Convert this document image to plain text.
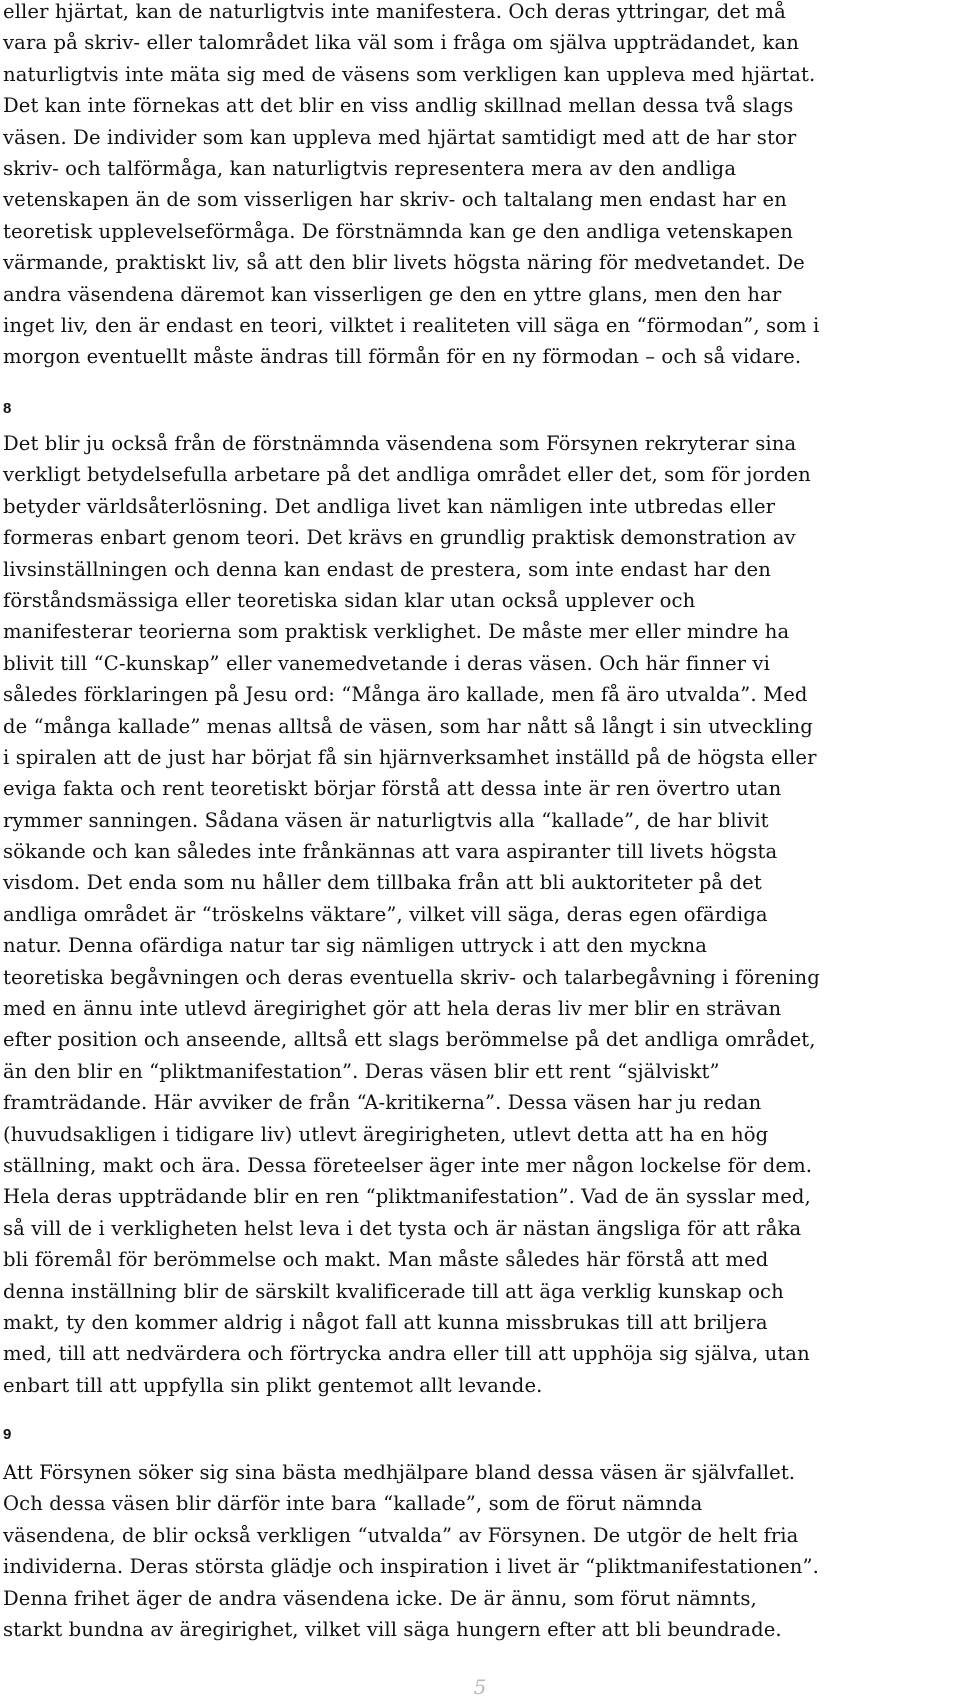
eller hjärtat, kan de naturligtvis inte manifestera. Och deras yttringar, det må
vara på skriv- eller talområdet lika väl som i fråga om själva uppträdandet, kan
naturligtvis inte mäta sig med de väsens som verkligen kan uppleva med hjärtat.
Det kan inte förnekas att det blir en viss andlig skillnad mellan dessa två slags
väsen. De individer som kan uppleva med hjärtat samtidigt med att de har stor
skriv- och talförmåga, kan naturligtvis representera mera av den andliga
vetenskapen än de som visserligen har skriv- och taltalang men endast har en
teoretisk upplevelseförmåga. De förstnämnda kan ge den andliga vetenskapen
värmande, praktiskt liv, så att den blir livets högsta näring för medvetandet. De
andra väsendena däremot kan visserligen ge den en yttre glans, men den har
inget liv, den är endast en teori, vilktet i realiteten vill säga en “förmodan”, som i
morgon eventuellt måste ändras till förmån för en ny förmodan – och så vidare.
8
Det blir ju också från de förstnämnda väsendena som Försynen rekryterar sina
verkligt betydelsefulla arbetare på det andliga området eller det, som för jorden
betyder världsåterlösning. Det andliga livet kan nämligen inte utbredas eller
formeras enbart genom teori. Det krävs en grundlig praktisk demonstration av
livsinställningen och denna kan endast de prestera, som inte endast har den
förståndsmässiga eller teoretiska sidan klar utan också upplever och
manifesterar teorierna som praktisk verklighet. De måste mer eller mindre ha
blivit till “C-kunskap” eller vanemedvetande i deras väsen. Och här finner vi
således förklaringen på Jesu ord: “Många äro kallade, men få äro utvalda”. Med
de “många kallade” menas alltså de väsen, som har nått så långt i sin utveckling
i spiralen att de just har börjat få sin hjärnverksamhet inställd på de högsta eller
eviga fakta och rent teoretiskt börjar förstå att dessa inte är ren övertro utan
rymmer sanningen. Sådana väsen är naturligtvis alla “kallade”, de har blivit
sökande och kan således inte frånkännas att vara aspiranter till livets högsta
visdom. Det enda som nu håller dem tillbaka från att bli auktoriteter på det
andliga området är “tröskelns väktare”, vilket vill säga, deras egen ofärdiga
natur. Denna ofärdiga natur tar sig nämligen uttryck i att den myckna
teoretiska begåvningen och deras eventuella skriv- och talarbegåvning i förening
med en ännu inte utlevd äregirighet gör att hela deras liv mer blir en strävan
efter position och anseende, alltså ett slags berömmelse på det andliga området,
än den blir en “pliktmanifestation”. Deras väsen blir ett rent “själviskt”
framträdande. Här avviker de från “A-kritikerna”. Dessa väsen har ju redan
(huvudsakligen i tidigare liv) utlevt äregirigheten, utlevt detta att ha en hög
ställning, makt och ära. Dessa företeelser äger inte mer någon lockelse för dem.
Hela deras uppträdande blir en ren “pliktmanifestation”. Vad de än sysslar med,
så vill de i verkligheten helst leva i det tysta och är nästan ängsliga för att råka
bli föremål för berömmelse och makt. Man måste således här förstå att med
denna inställning blir de särskilt kvalificerade till att äga verklig kunskap och
makt, ty den kommer aldrig i något fall att kunna missbrukas till att briljera
med, till att nedvärdera och förtrycka andra eller till att upphöja sig själva, utan
enbart till att uppfylla sin plikt gentemot allt levande.
9
Att Försynen söker sig sina bästa medhjälpare bland dessa väsen är självfallet.
Och dessa väsen blir därför inte bara “kallade”, som de förut nämnda
väsendena, de blir också verkligen “utvalda” av Försynen. De utgör de helt fria
individerna. Deras största glädje och inspiration i livet är “pliktmanifestationen”.
Denna frihet äger de andra väsendena icke. De är ännu, som förut nämnts,
starkt bundna av äregirighet, vilket vill säga hungern efter att bli beundrade.
5
